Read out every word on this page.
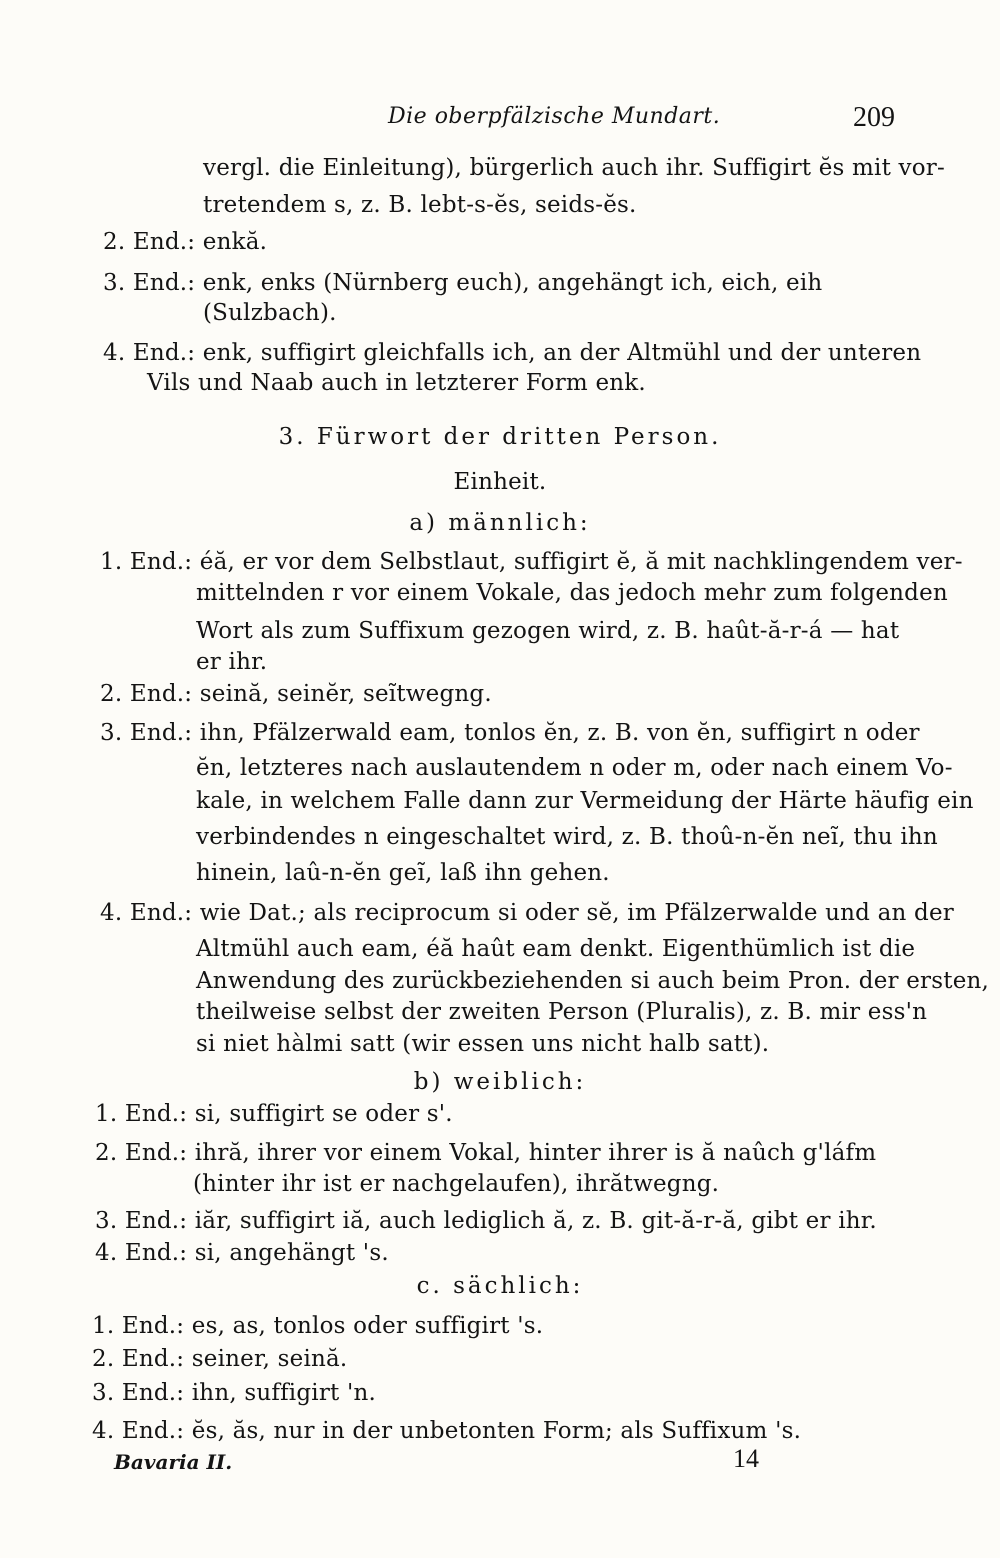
Die oberpfälzische Mundart.	209
vergl. die Einleitung), bürgerlich auch ihr. Suffigirt ĕs mit vor-
tretendem s, z. B. lebt-s-ĕs, seids-ĕs.
2. End.: enkă.
3. End.: enk, enks (Nürnberg euch), angehängt ich, eich, eih
(Sulzbach).
4. End.: enk, suffigirt gleichfalls ich, an der Altmühl und der unteren
Vils und Naab auch in letzterer Form enk.
3. Fürwort der dritten Person.
Einheit.
a) männlich:
1. End.: éă, er vor dem Selbstlaut, suffigirt ĕ, ă mit nachklingendem ver-
mittelnden r vor einem Vokale, das jedoch mehr zum folgenden
Wort als zum Suffixum gezogen wird, z. B. haût-ă-r-á — hat
er ihr.
2. End.: seină, seinĕr, seĩtwegng.
3. End.: ihn, Pfälzerwald eam, tonlos ĕn, z. B. von ĕn, suffigirt n oder
ĕn, letzteres nach auslautendem n oder m, oder nach einem Vo-
kale, in welchem Falle dann zur Vermeidung der Härte häufig ein
verbindendes n eingeschaltet wird, z. B. thoû-n-ĕn neĩ, thu ihn
hinein, laû-n-ĕn geĩ, laß ihn gehen.
4. End.: wie Dat.; als reciprocum si oder sĕ, im Pfälzerwalde und an der
Altmühl auch eam, éă haût eam denkt. Eigenthümlich ist die
Anwendung des zurückbeziehenden si auch beim Pron. der ersten,
theilweise selbst der zweiten Person (Pluralis), z. B. mir ess'n
si niet hàlmi satt (wir essen uns nicht halb satt).
b) weiblich:
1. End.: si, suffigirt se oder s'.
2. End.: ihră, ihrer vor einem Vokal, hinter ihrer is ă naûch g'láfm
(hinter ihr ist er nachgelaufen), ihrătwegng.
3. End.: iăr, suffigirt iă, auch lediglich ă, z. B. git-ă-r-ă, gibt er ihr.
4. End.: si, angehängt 's.
c. sächlich:
1. End.: es, as, tonlos oder suffigirt 's.
2. End.: seiner, seină.
3. End.: ihn, suffigirt 'n.
4. End.: ĕs, ăs, nur in der unbetonten Form; als Suffixum 's.
Bavaria II.	14
